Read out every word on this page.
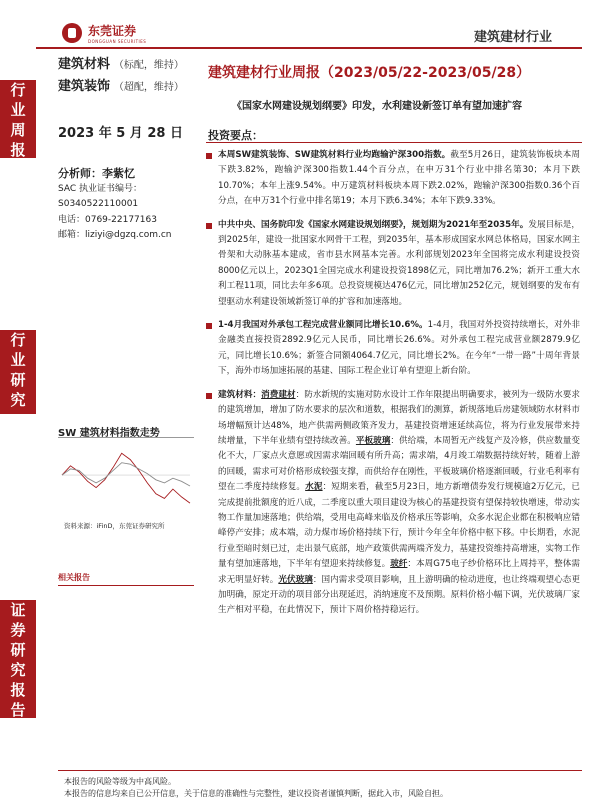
行
业
周
报
行
业
研
究
证
券
研
究
报
告
东莞证券
DONGGUAN SECURITIES	建筑建材行业
建筑材料 （标配，维持）
建筑装饰 （超配，维持）
建筑建材行业周报（2023/05/22-2023/05/28）
《国家水网建设规划纲要》印发，水利建设新签订单有望加速扩容
2023 年 5 月 28 日 投资要点：
分析师：李紫忆
SAC 执业证书编号：
S0340522110001
电话：0769-22177163
邮箱：liziyi@dgzq.com.cn
SW 建筑材料指数走势
资料来源：iFinD，东莞证券研究所
相关报告
本周SW建筑装饰、SW建筑材料行业均跑输沪深300指数。截至5月26日，建筑装饰板块本周下跌3.82%，跑输沪深300指数1.44个百分点，在申万31个行业中排名第30；本月下跌10.70%；本年上涨9.54%。申万建筑材料板块本周下跌2.02%，跑输沪深300指数0.36个百分点，在申万31个行业中排名第19；本月下跌6.34%；本年下跌9.33%。
中共中央、国务院印发《国家水网建设规划纲要》，规划期为2021年至2035年。发展目标是，到2025年，建设一批国家水网骨干工程，到2035年，基本形成国家水网总体格局，国家水网主骨架和大动脉基本建成，省市县水网基本完善。水利部规划2023年全国将完成水利建设投资8000亿元以上，2023Q1全国完成水利建设投资1898亿元，同比增加76.2%；新开工重大水利工程11项，同比去年多6项。总投资规模达476亿元，同比增加252亿元，规划纲要的发布有望驱动水利建设领域新签订单的扩容和加速落地。
1-4月我国对外承包工程完成营业额同比增长10.6%。1-4月，我国对外投资持续增长，对外非金融类直接投资2892.9亿元人民币，同比增长26.6%。对外承包工程完成营业额2879.9亿元，同比增长10.6%；新签合同额4064.7亿元，同比增长2%。在今年“一带一路”十周年背景下，海外市场加速拓展的基建、国际工程企业订单有望迎上新台阶。
建筑材料：消费建材：防水新规的实施对防水设计工作年限提出明确要求，被列为一级防水要求的建筑增加，增加了防水要求的层次和道数，根据我们的测算，新规落地后房建领域防水材料市场增幅预计达48%，地产供需两侧政策齐发力，基建投资增速延续高位，将为行业发展带来持续增量，下半年业绩有望持续改善。平板玻璃：供给端，本周暂无产线复产及冷修，供应数量变化不大，厂家点火意愿或因需求端回暖有所升高；需求端，4月竣工端数据持续好转，随着上游的回暖，需求可对价格形成较强支撑，而供给存在刚性，平板玻璃价格逐渐回暖，行业毛利率有望在二季度持续修复。水泥：短期来看，截至5月23日，地方新增债券发行规模逾2万亿元，已完成提前批额度的近八成，二季度以重大项目建设为核心的基建投资有望保持较快增速，带动实物工作量加速落地；供给端，受用电高峰来临及价格承压等影响，众多水泥企业都在积极响应错峰停产安排；成本端，动力煤市场价格持续下行，预计今年全年价格中枢下移。中长期看，水泥行业至暗时刻已过，走出景气底部，地产政策供需两端齐发力，基建投资维持高增速，实物工作量有望加速落地，下半年有望迎来持续修复。玻纤：本周G75电子纱价格环比上周持平，整体需求无明显好转。光伏玻璃：国内需求受项目影响，且上游明确的检动进度，也让终端观望心态更加明确，原定开动的项目部分出现延迟，消纳速度不及预期。原料价格小幅下调，光伏玻璃厂家生产相对平稳，在此情况下，预计下周价格持稳运行。
本报告的风险等级为中高风险。
本报告的信息均来自已公开信息，关于信息的准确性与完整性，建议投资者谨慎判断，据此入市，风险自担。
